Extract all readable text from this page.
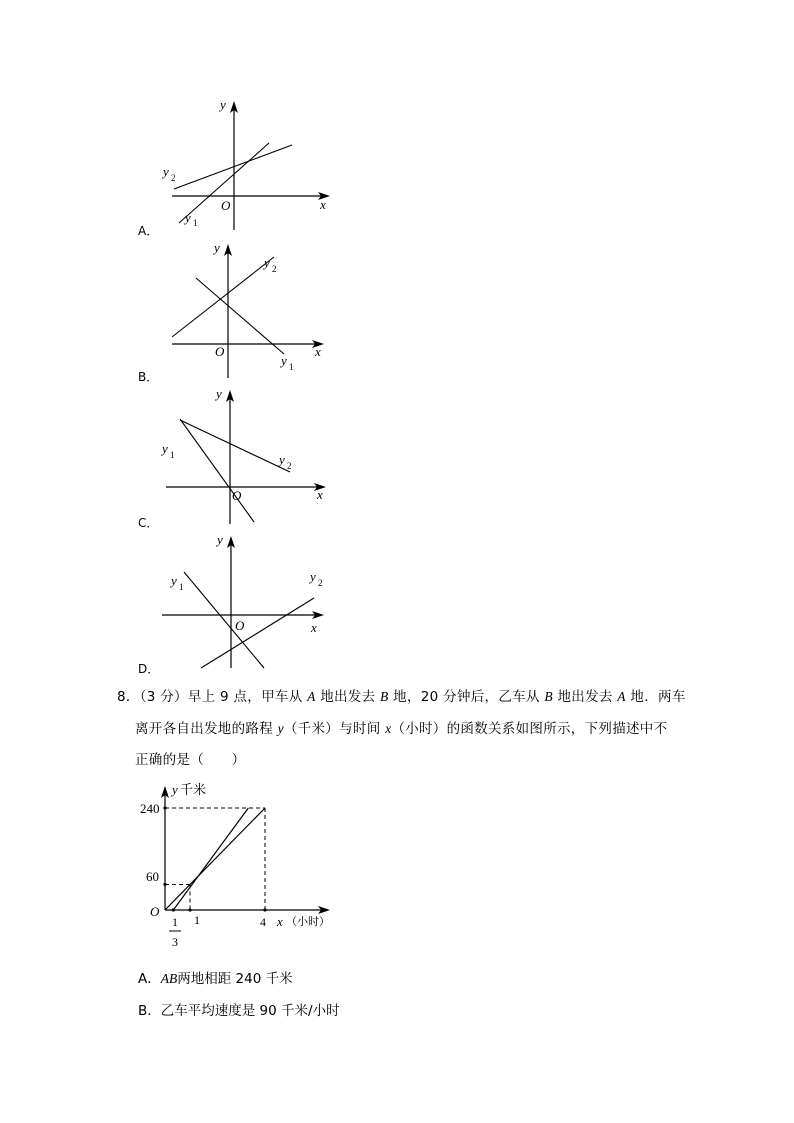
y
x
O
y 1
y 2
A．
y
x
O
y 2
y 1
B．
y
x
O
y 1	y 2
C．
y
x
O
y 1
y 2
D．
8．（3 分）早上 9 点，甲车从 A 地出发去 B 地，20 分钟后，乙车从 B 地出发去 A 地．两车
离开各自出发地的路程 y（千米）与时间 x（小时）的函数关系如图所示，下列描述中不
正确的是（　　）
y 千米
x （小时）
O
240
60
1
3
1	4
A．AB两地相距 240 千米
B．乙车平均速度是 90 千米/小时
